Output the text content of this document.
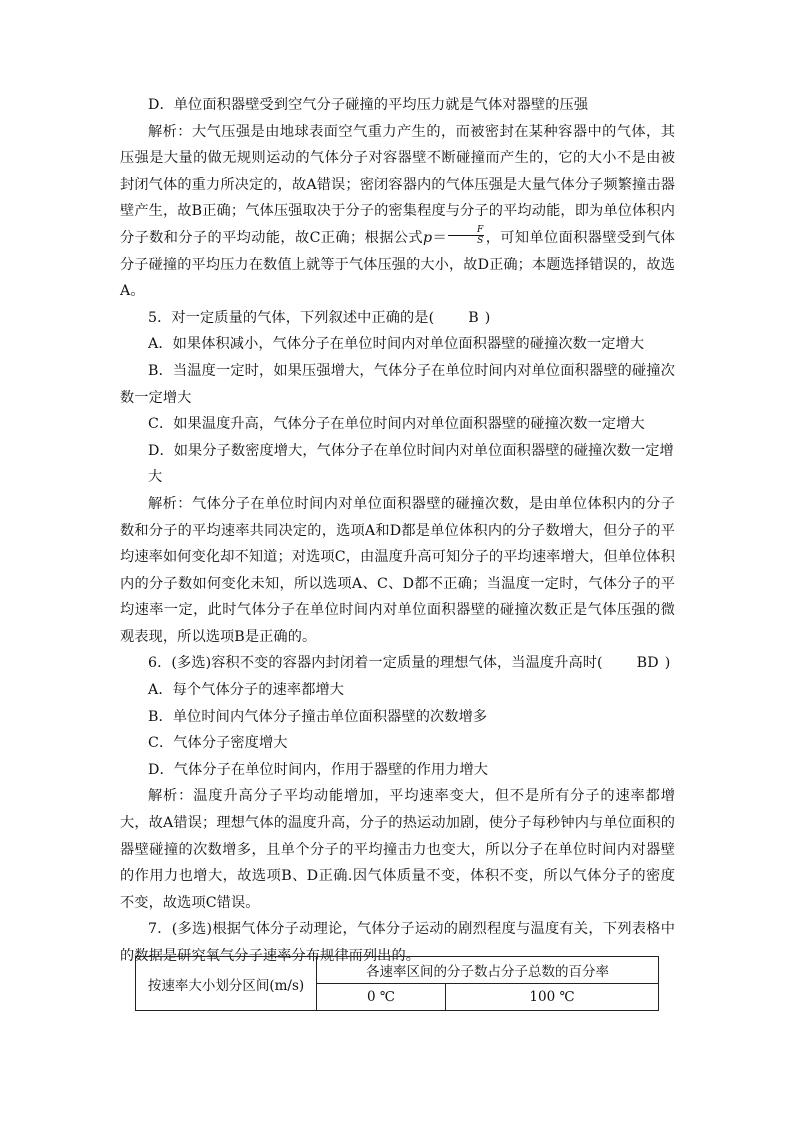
D．单位面积器壁受到空气分子碰撞的平均压力就是气体对器壁的压强

解析：大气压强是由地球表面空气重力产生的，而被密封在某种容器中的气体，其压强是大量的做无规则运动的气体分子对容器壁不断碰撞而产生的，它的大小不是由被封闭气体的重力所决定的，故A错误；密闭容器内的气体压强是大量气体分子频繁撞击器壁产生，故B正确；气体压强取决于分子的密集程度与分子的平均动能，即为单位体积内分子数和分子的平均动能，故C正确；根据公式$p= \frac{F}{S}$ ，可知单位面积器壁受到气体分子碰撞的平均压力在数值上就等于气体压强的大小，故D正确；本题选择错误的，故选A。

5．对一定质量的气体，下列叙述中正确的是( B )

A．如果体积减小，气体分子在单位时间内对单位面积器壁的碰撞次数一定增大

B．当温度一定时，如果压强增大，气体分子在单位时间内对单位面积器壁的碰撞次数一定增大

C．如果温度升高，气体分子在单位时间内对单位面积器壁的碰撞次数一定增大

D．如果分子数密度增大，气体分子在单位时间内对单位面积器壁的碰撞次数一定增大

解析：气体分子在单位时间内对单位面积器壁的碰撞次数，是由单位体积内的分子数和分子的平均速率共同决定的，选项A和D都是单位体积内的分子数增大，但分子的平均速率如何变化却不知道；对选项C，由温度升高可知分子的平均速率增大，但单位体积内的分子数如何变化未知，所以选项A、C、D都不正确；当温度一定时，气体分子的平均速率一定，此时气体分子在单位时间内对单位面积器壁的碰撞次数正是气体压强的微观表现，所以选项B是正确的。

6．(多选)容积不变的容器内封闭着一定质量的理想气体，当温度升高时( BD )

A．每个气体分子的速率都增大

B．单位时间内气体分子撞击单位面积器壁的次数增多

C．气体分子密度增大

D．气体分子在单位时间内，作用于器壁的作用力增大

解析：温度升高分子平均动能增加，平均速率变大，但不是所有分子的速率都增大，故A错误；理想气体的温度升高，分子的热运动加剧，使分子每秒钟内与单位面积的器壁碰撞的次数增多，且单个分子的平均撞击力也变大，所以分子在单位时间内对器壁的作用力也增大，故选项B、D正确.因气体质量不变，体积不变，所以气体分子的密度不变，故选项C错误。

7．(多选)根据气体分子动理论，气体分子运动的剧烈程度与温度有关，下列表格中的数据是研究氧气分子速率分布规律而列出的。

按速率大小划分区间(m/s)	各速率区间的分子数占分子总数的百分率	
	0 ℃	100 ℃
